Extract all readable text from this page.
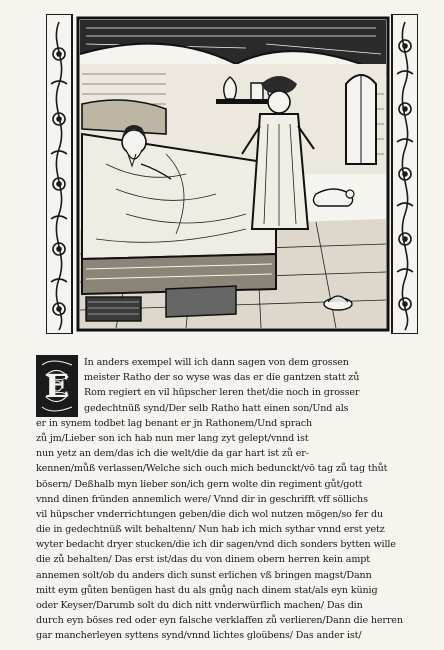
E
In anders exempel will ich dann sagen von dem grossen
meister Ratho der so wyse was das er die gantzen statt zů
Rom regiert en vil hüpscher leren thet/die noch in grosser
gedechtnüß synd/Der selb Ratho hatt einen son/Und als
er in synem todbet lag benant er jn Rathonem/Und sprach
zů jm/Lieber son ich hab nun mer lang zyt gelept/vnnd ist
nun yetz an dem/das ich die welt/die da gar hart ist zů er-
kennen/můß verlassen/Welche sich ouch mich bedunckt/vō tag zů tag thůt
bösern/ Deßhalb myn lieber son/ich gern wolte din regiment gůt/gott
vnnd dinen fründen annemlich were/ Vnnd dir in geschrifft vff söllichs
vil hüpscher vnderrichtungen geben/die dich wol nutzen mögen/so fer du
die in gedechtnüß wilt behaltenn/ Nun hab ich mich sythar vnnd erst yetz
wyter bedacht dryer stucken/die ich dir sagen/vnd dich sonders bytten wille
die zů behalten/ Das erst ist/das du von dinem obern herren kein ampt
annemen solt/ob du anders dich sunst erlichen vß bringen magst/Dann
mitt eym gůten benügen hast du als gnůg nach dinem stat/als eyn künig
oder Keyser/Darumb solt du dich nitt vnderwürflich machen/ Das din
durch eyn böses red oder eyn falsche verklaffen zů verlieren/Dann die herren
gar mancherleyen syttens synd/vnnd lichtes gloübens/ Das ander ist/
